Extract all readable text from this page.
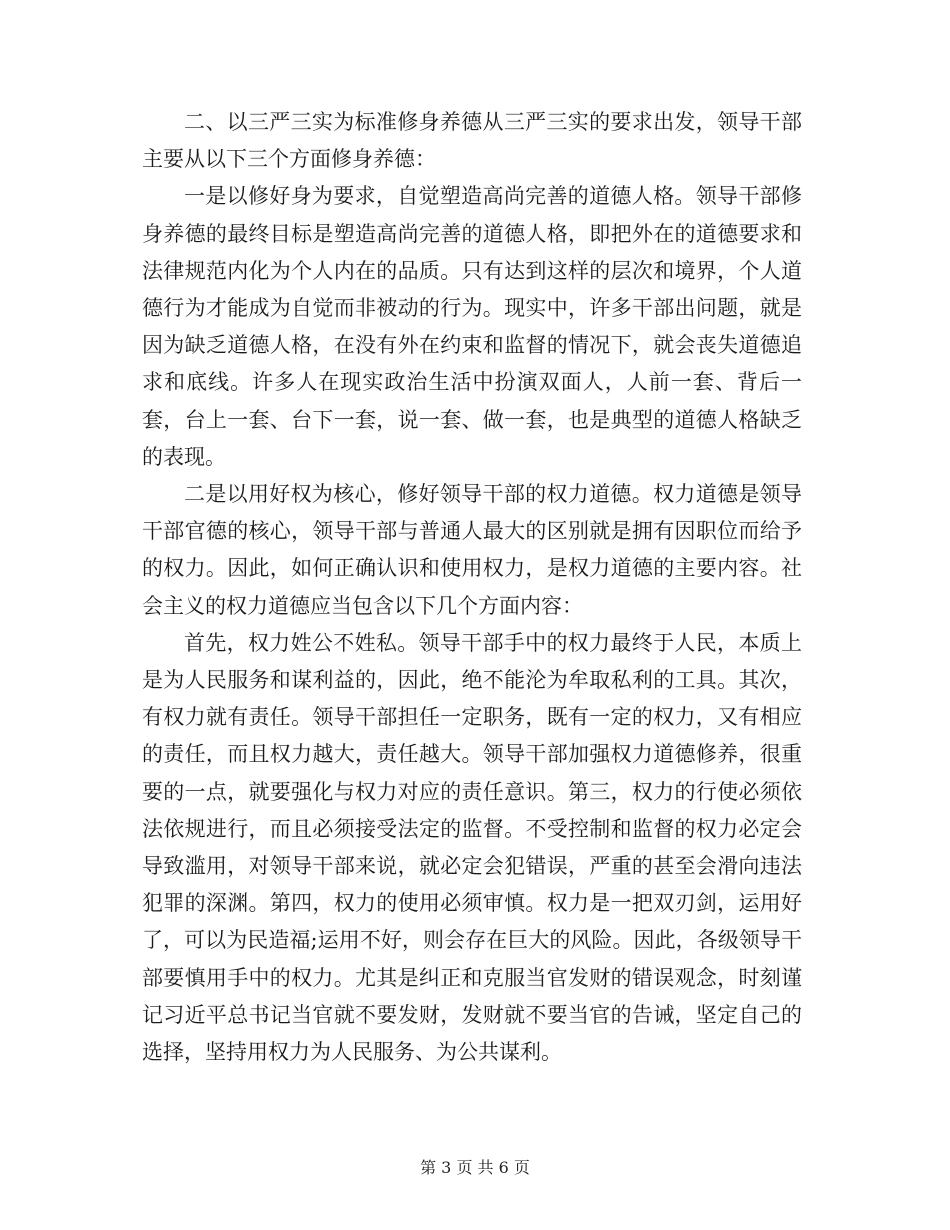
二、以三严三实为标准修身养德从三严三实的要求出发，领导干部主要从以下三个方面修身养德：

一是以修好身为要求，自觉塑造高尚完善的道德人格。领导干部修身养德的最终目标是塑造高尚完善的道德人格，即把外在的道德要求和法律规范内化为个人内在的品质。只有达到这样的层次和境界，个人道德行为才能成为自觉而非被动的行为。现实中，许多干部出问题，就是因为缺乏道德人格，在没有外在约束和监督的情况下，就会丧失道德追求和底线。许多人在现实政治生活中扮演双面人，人前一套、背后一套，台上一套、台下一套，说一套、做一套，也是典型的道德人格缺乏的表现。

二是以用好权为核心，修好领导干部的权力道德。权力道德是领导干部官德的核心，领导干部与普通人最大的区别就是拥有因职位而给予的权力。因此，如何正确认识和使用权力，是权力道德的主要内容。社会主义的权力道德应当包含以下几个方面内容：

首先，权力姓公不姓私。领导干部手中的权力最终于人民，本质上是为人民服务和谋利益的，因此，绝不能沦为牟取私利的工具。其次，有权力就有责任。领导干部担任一定职务，既有一定的权力，又有相应的责任，而且权力越大，责任越大。领导干部加强权力道德修养，很重要的一点，就要强化与权力对应的责任意识。第三，权力的行使必须依法依规进行，而且必须接受法定的监督。不受控制和监督的权力必定会导致滥用，对领导干部来说，就必定会犯错误，严重的甚至会滑向违法犯罪的深渊。第四，权力的使用必须审慎。权力是一把双刃剑，运用好了，可以为民造福;运用不好，则会存在巨大的风险。因此，各级领导干部要慎用手中的权力。尤其是纠正和克服当官发财的错误观念，时刻谨记习近平总书记当官就不要发财，发财就不要当官的告诫，坚定自己的选择，坚持用权力为人民服务、为公共谋利。

第 3 页 共 6 页
